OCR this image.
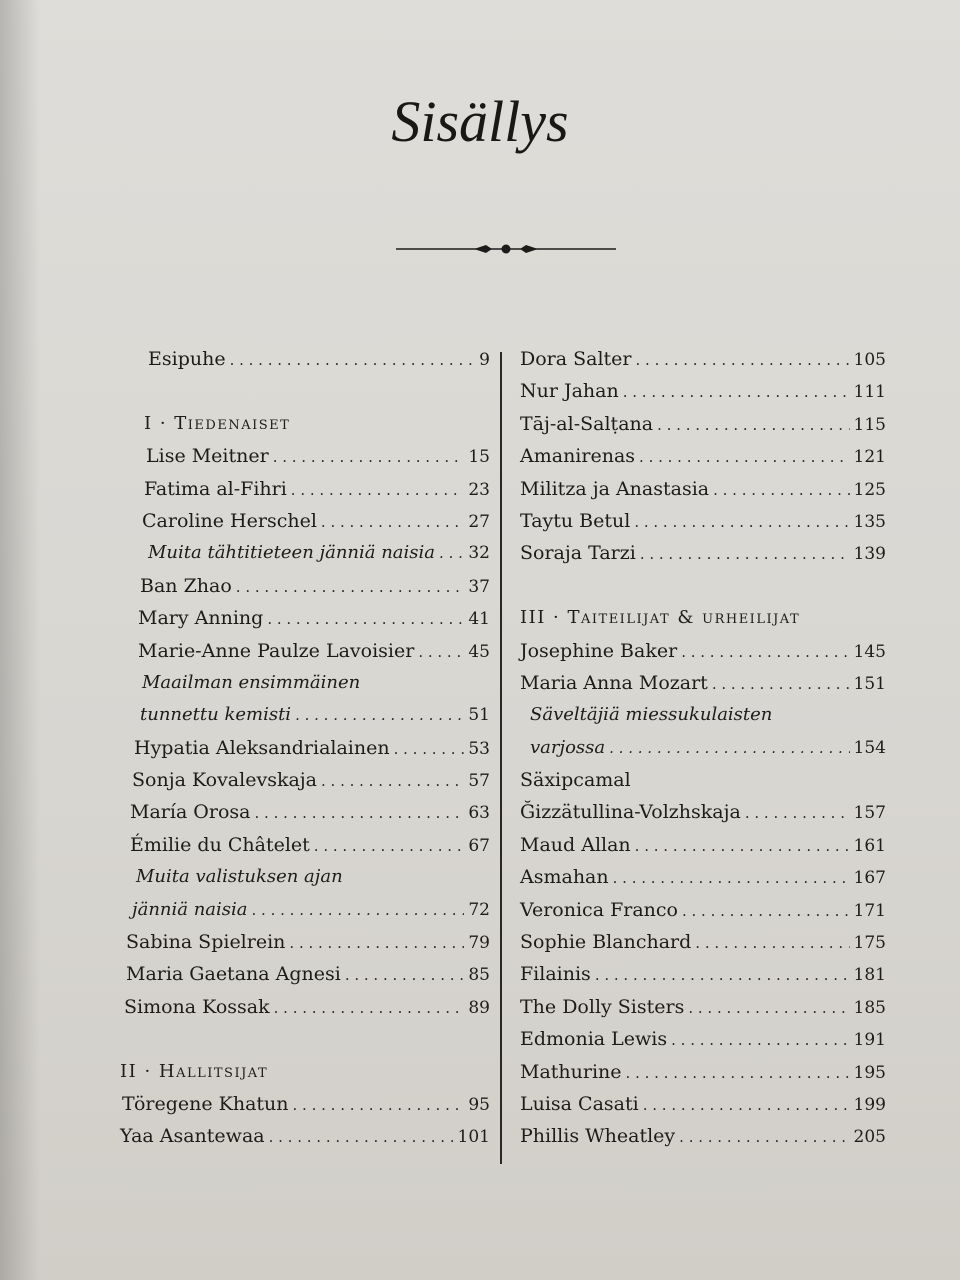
Sisällys
Esipuhe . . .	9
I · Tiedenaiset
Lise Meitner . . .	15
Fatima al-Fihri . . .	23
Caroline Herschel . . .	27
Muita tähtitieteen jänniä naisia . . . 32
Ban Zhao . . .	37
Mary Anning . . .	41
Marie-Anne Paulze Lavoisier . . .	45
Maailman ensimmäinen
tunnettu kemisti . . .	51
Hypatia Aleksandrialainen . . .	53
Sonja Kovalevskaja . . .	57
María Orosa . . .	63
Émilie du Châtelet . . .	67
Muita valistuksen ajan
jänniä naisia . . .	72
Sabina Spielrein . . .	79
Maria Gaetana Agnesi . . .	85
Simona Kossak . . .	89
II · Hallitsijat
Töregene Khatun . . .	95
Yaa Asantewaa . . .	101
Dora Salter . . .	105
Nur Jahan . . .	111
Tāj-al-Salṭana . . .	115
Amanirenas . . .	121
Militza ja Anastasia . . .	125
Taytu Betul . . .	135
Soraja Tarzi . . .	139
III · Taiteilijat & urheilijat
Josephine Baker . . .	145
Maria Anna Mozart . . .	151
Säveltäjiä miessukulaisten
varjossa . . .	154
Säxipcamal
Ğizzätullina-Volzhskaja . . .	157
Maud Allan . . .	161
Asmahan . . .	167
Veronica Franco . . .	171
Sophie Blanchard . . .	175
Filainis . . .	181
The Dolly Sisters . . .	185
Edmonia Lewis . . .	191
Mathurine . . .	195
Luisa Casati . . .	199
Phillis Wheatley . . .	205
